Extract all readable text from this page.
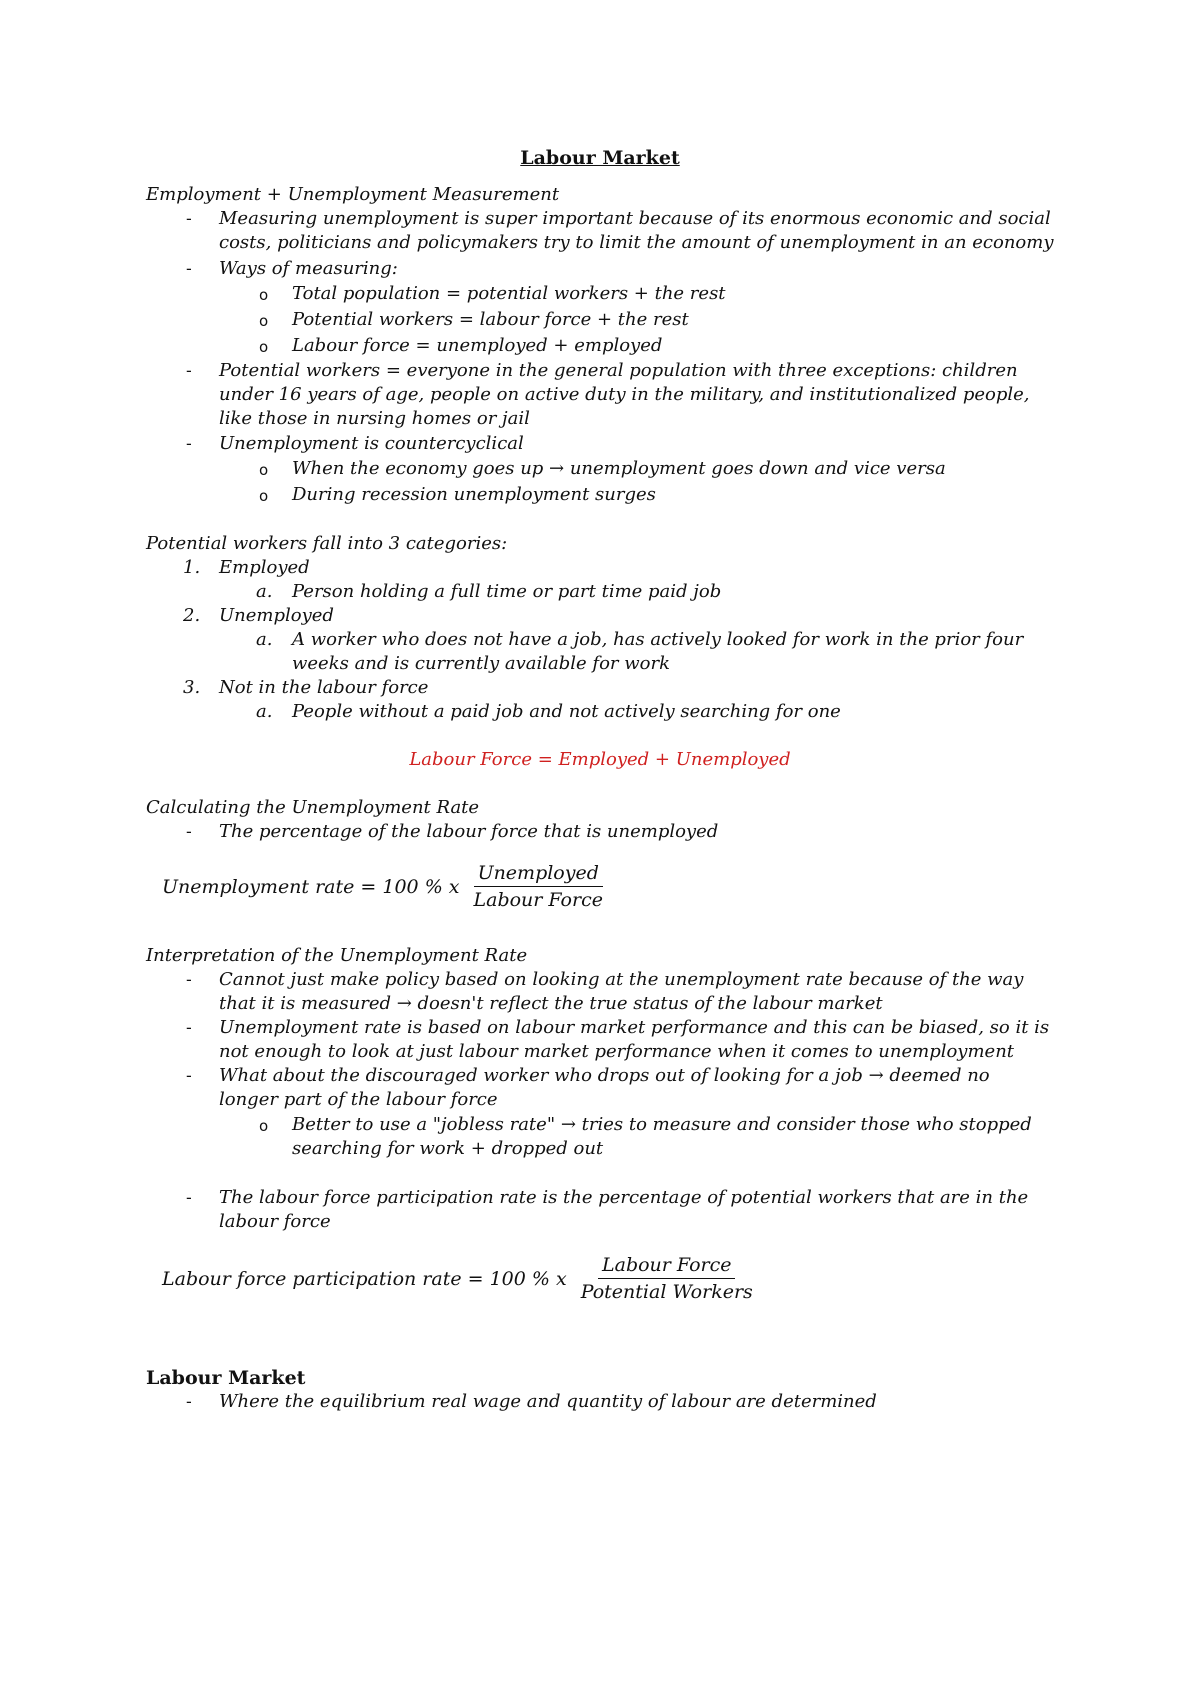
Labour Market
Employment + Unemployment Measurement
- Measuring unemployment is super important because of its enormous economic and social
costs, politicians and policymakers try to limit the amount of unemployment in an economy
- Ways of measuring:
o Total population = potential workers + the rest
o Potential workers = labour force + the rest
o Labour force = unemployed + employed
- Potential workers = everyone in the general population with three exceptions: children
under 16 years of age, people on active duty in the military, and institutionalized people,
like those in nursing homes or jail
- Unemployment is countercyclical
o When the economy goes up → unemployment goes down and vice versa
o During recession unemployment surges
Potential workers fall into 3 categories:
1. Employed
a. Person holding a full time or part time paid job
2. Unemployed
a. A worker who does not have a job, has actively looked for work in the prior four
weeks and is currently available for work
3. Not in the labour force
a. People without a paid job and not actively searching for one
Labour Force = Employed + Unemployed
Calculating the Unemployment Rate
- The percentage of the labour force that is unemployed
Unemployment rate = 100 % x $\frac{\text{Unemployed}}{\text{Labour Force}}$
Interpretation of the Unemployment Rate
- Cannot just make policy based on looking at the unemployment rate because of the way
that it is measured → doesn't reflect the true status of the labour market
- Unemployment rate is based on labour market performance and this can be biased, so it is
not enough to look at just labour market performance when it comes to unemployment
- What about the discouraged worker who drops out of looking for a job → deemed no
longer part of the labour force
o Better to use a "jobless rate" → tries to measure and consider those who stopped
searching for work + dropped out
- The labour force participation rate is the percentage of potential workers that are in the
labour force
Labour force participation rate = 100 % x $\frac{\text{Labour Force}}{\text{Potential Workers}}$
Labour Market
- Where the equilibrium real wage and quantity of labour are determined
